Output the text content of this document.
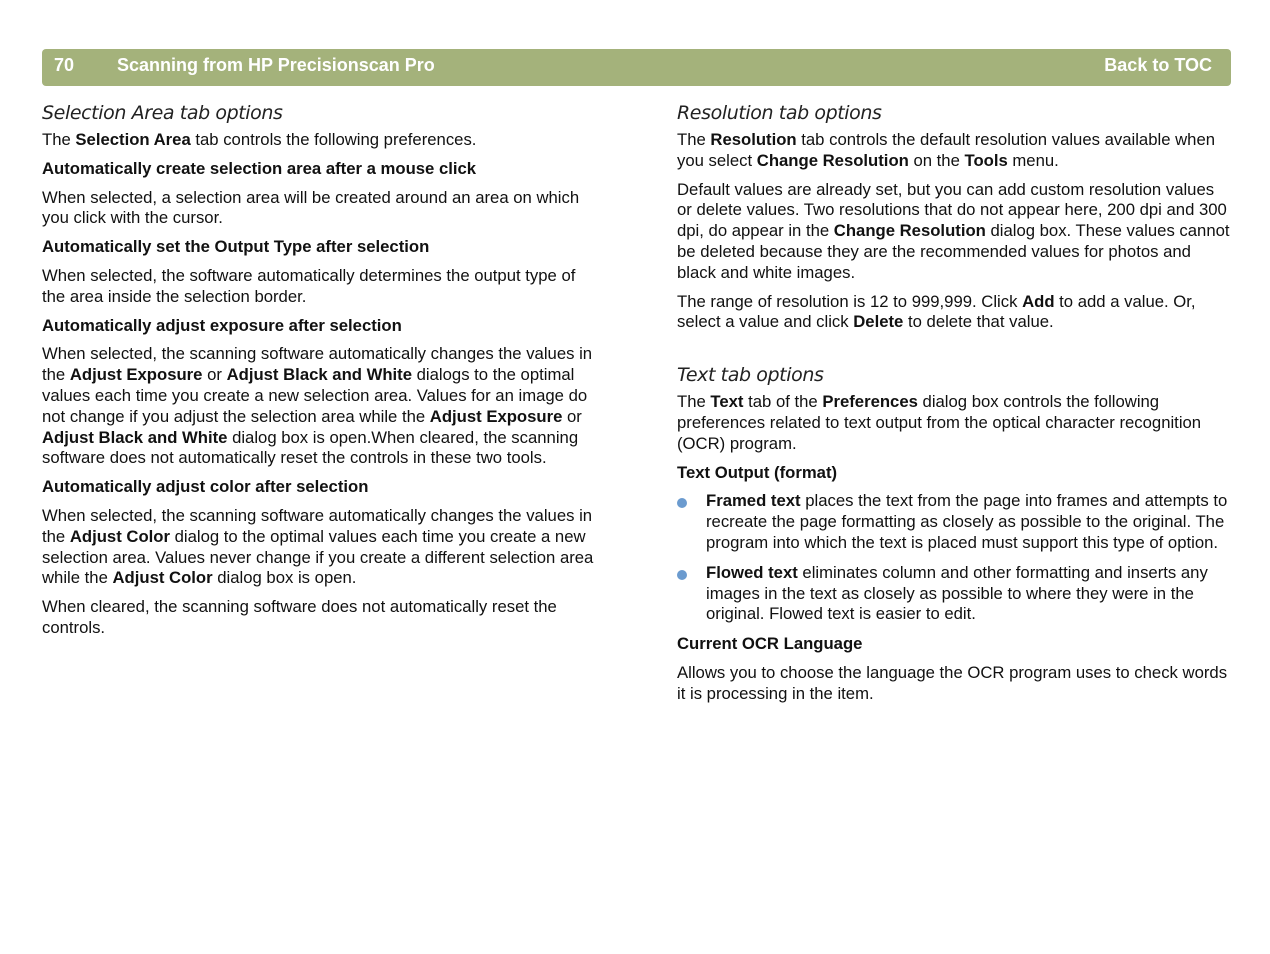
70 Scanning from HP Precisionscan Pro	Back to TOC
Selection Area tab options

The Selection Area tab controls the following preferences.

Automatically create selection area after a mouse click

When selected, a selection area will be created around an area on which you click with the cursor.

Automatically set the Output Type after selection

When selected, the software automatically determines the output type of the area inside the selection border.

Automatically adjust exposure after selection

When selected, the scanning software automatically changes the values in the Adjust Exposure or Adjust Black and White dialogs to the optimal values each time you create a new selection area. Values for an image do not change if you adjust the selection area while the Adjust Exposure or Adjust Black and White dialog box is open.When cleared, the scanning software does not automatically reset the controls in these two tools.

Automatically adjust color after selection

When selected, the scanning software automatically changes the values in the Adjust Color dialog to the optimal values each time you create a new selection area. Values never change if you create a different selection area while the Adjust Color dialog box is open.

When cleared, the scanning software does not automatically reset the controls.

Resolution tab options

The Resolution tab controls the default resolution values available when you select Change Resolution on the Tools menu.

Default values are already set, but you can add custom resolution values or delete values. Two resolutions that do not appear here, 200 dpi and 300 dpi, do appear in the Change Resolution dialog box. These values cannot be deleted because they are the recommended values for photos and black and white images.

The range of resolution is 12 to 999,999. Click Add to add a value. Or, select a value and click Delete to delete that value.

Text tab options

The Text tab of the Preferences dialog box controls the following preferences related to text output from the optical character recognition (OCR) program.

Text Output (format)

Framed text places the text from the page into frames and attempts to recreate the page formatting as closely as possible to the original. The program into which the text is placed must support this type of option.
Flowed text eliminates column and other formatting and inserts any images in the text as closely as possible to where they were in the original. Flowed text is easier to edit.

Current OCR Language

Allows you to choose the language the OCR program uses to check words it is processing in the item.
